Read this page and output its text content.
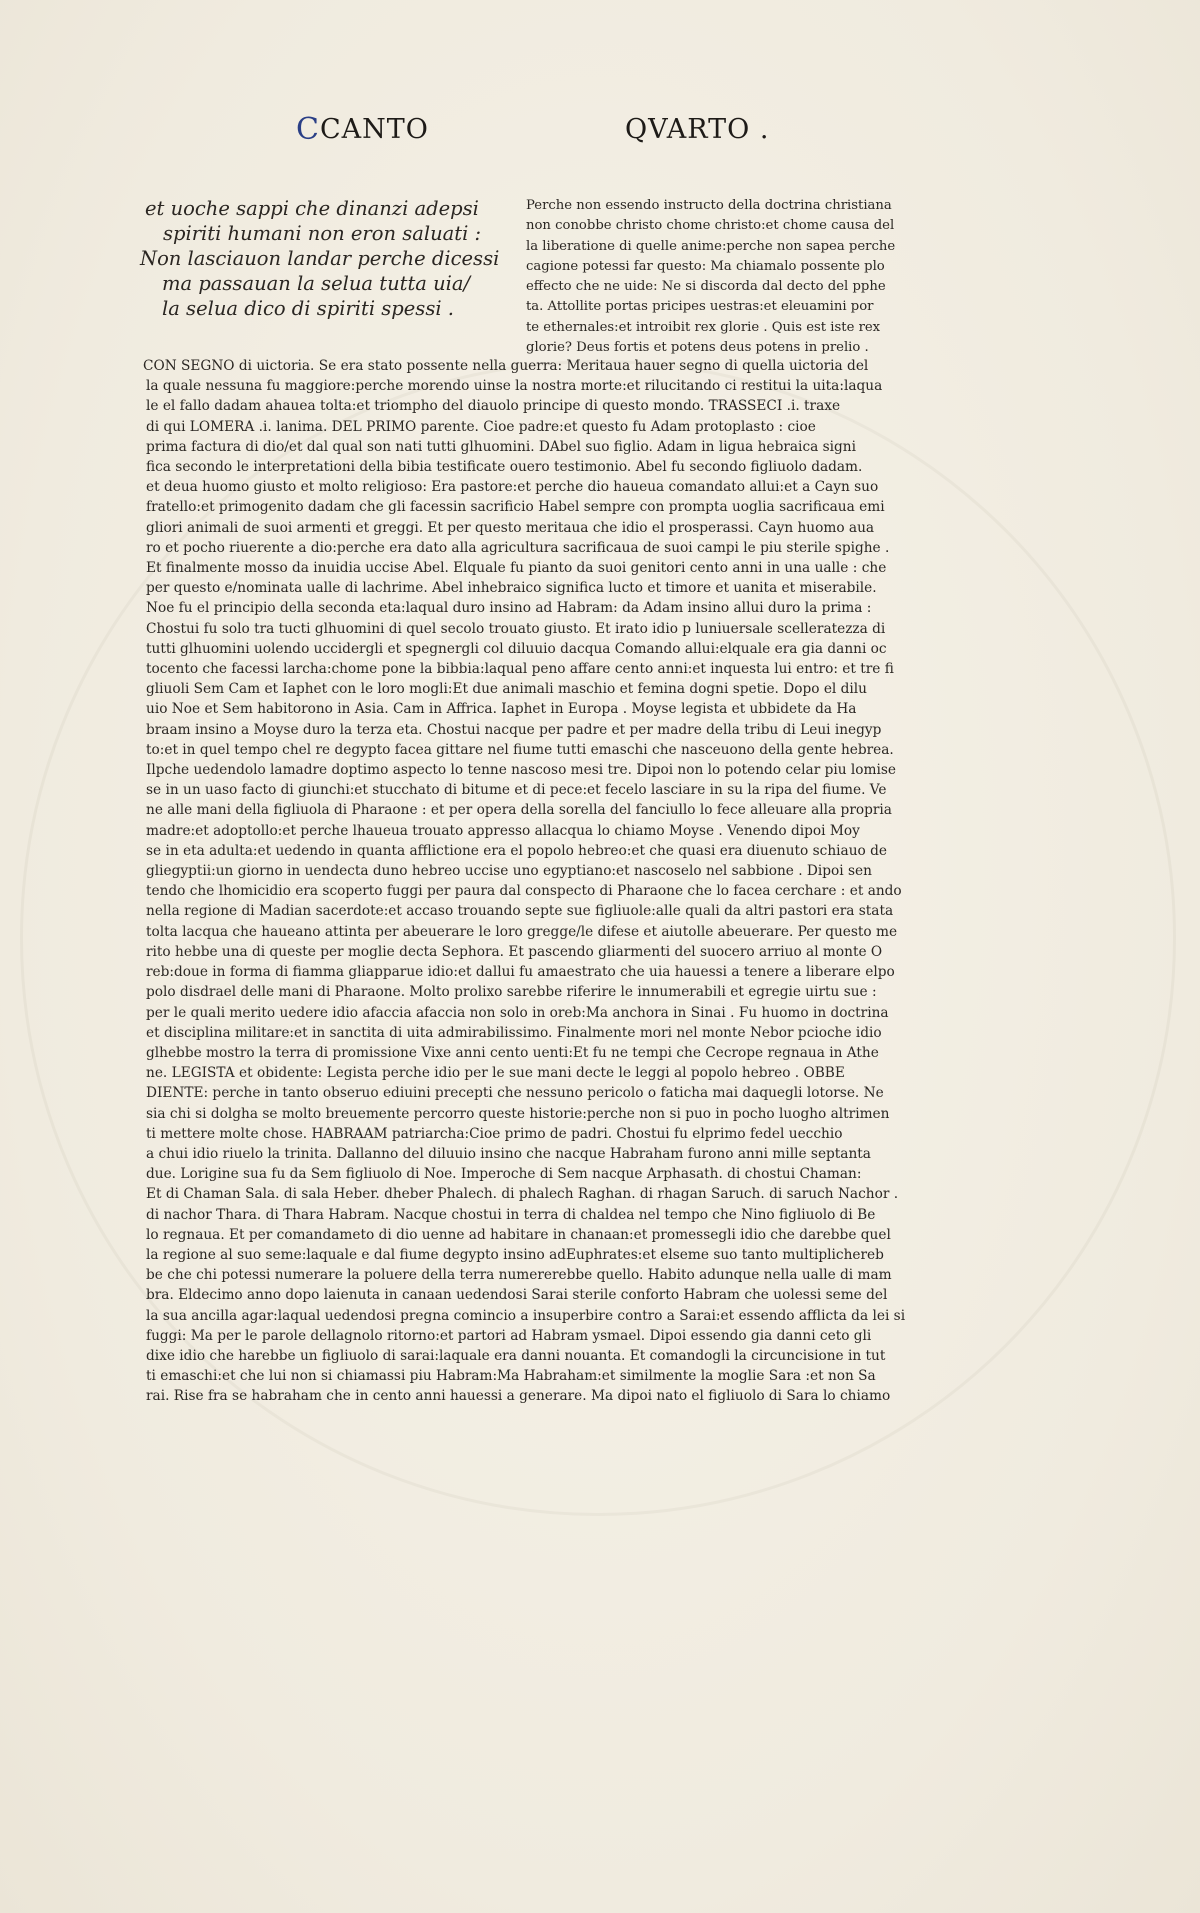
C CANTO	QVARTO .
et uoche sappi che dinanzi adepsi
spiriti humani non eron saluati :
Non lasciauon landar perche dicessi
ma passauan la selua tutta uia/
la selua dico di spiriti spessi .
Perche non essendo instructo della doctrina christiana
non conobbe christo chome christo:et chome causa del
la liberatione di quelle anime:perche non sapea perche
cagione potessi far questo: Ma chiamalo possente plo
effecto che ne uide: Ne si discorda dal decto del pphe
ta. Attollite portas pricipes uestras:et eleuamini por
te ethernales:et introibit rex glorie . Quis est iste rex
glorie? Deus fortis et potens deus potens in prelio .
CON SEGNO di uictoria. Se era stato possente nella guerra: Meritaua hauer segno di quella uictoria del
la quale nessuna fu maggiore:perche morendo uinse la nostra morte:et rilucitando ci restitui la uita:laqua
le el fallo dadam ahauea tolta:et triompho del diauolo principe di questo mondo. TRASSECI .i. traxe
di qui LOMERA .i. lanima. DEL PRIMO parente. Cioe padre:et questo fu Adam protoplasto : cioe
prima factura di dio/et dal qual son nati tutti glhuomini. DAbel suo figlio. Adam in ligua hebraica signi
fica secondo le interpretationi della bibia testificate ouero testimonio. Abel fu secondo figliuolo dadam.
et deua huomo giusto et molto religioso: Era pastore:et perche dio haueua comandato allui:et a Cayn suo
fratello:et primogenito dadam che gli facessin sacrificio Habel sempre con prompta uoglia sacrificaua emi
gliori animali de suoi armenti et greggi. Et per questo meritaua che idio el prosperassi. Cayn huomo aua
ro et pocho riuerente a dio:perche era dato alla agricultura sacrificaua de suoi campi le piu sterile spighe .
Et finalmente mosso da inuidia uccise Abel. Elquale fu pianto da suoi genitori cento anni in una ualle : che
per questo e/nominata ualle di lachrime. Abel inhebraico significa lucto et timore et uanita et miserabile.
Noe fu el principio della seconda eta:laqual duro insino ad Habram: da Adam insino allui duro la prima :
Chostui fu solo tra tucti glhuomini di quel secolo trouato giusto. Et irato idio p luniuersale scelleratezza di
tutti glhuomini uolendo uccidergli et spegnergli col diluuio dacqua Comando allui:elquale era gia danni oc
tocento che facessi larcha:chome pone la bibbia:laqual peno affare cento anni:et inquesta lui entro: et tre fi
gliuoli Sem Cam et Iaphet con le loro mogli:Et due animali maschio et femina dogni spetie. Dopo el dilu
uio Noe et Sem habitorono in Asia. Cam in Affrica. Iaphet in Europa . Moyse legista et ubbidete da Ha
braam insino a Moyse duro la terza eta. Chostui nacque per padre et per madre della tribu di Leui inegyp
to:et in quel tempo chel re degypto facea gittare nel fiume tutti emaschi che nasceuono della gente hebrea.
Ilpche uedendolo lamadre doptimo aspecto lo tenne nascoso mesi tre. Dipoi non lo potendo celar piu lomise
se in un uaso facto di giunchi:et stucchato di bitume et di pece:et fecelo lasciare in su la ripa del fiume. Ve
ne alle mani della figliuola di Pharaone : et per opera della sorella del fanciullo lo fece alleuare alla propria
madre:et adoptollo:et perche lhaueua trouato appresso allacqua lo chiamo Moyse . Venendo dipoi Moy
se in eta adulta:et uedendo in quanta afflictione era el popolo hebreo:et che quasi era diuenuto schiauo de
gliegyptii:un giorno in uendecta duno hebreo uccise uno egyptiano:et nascoselo nel sabbione . Dipoi sen
tendo che lhomicidio era scoperto fuggi per paura dal conspecto di Pharaone che lo facea cerchare : et ando
nella regione di Madian sacerdote:et accaso trouando septe sue figliuole:alle quali da altri pastori era stata
tolta lacqua che haueano attinta per abeuerare le loro gregge/le difese et aiutolle abeuerare. Per questo me
rito hebbe una di queste per moglie decta Sephora. Et pascendo gliarmenti del suocero arriuo al monte O
reb:doue in forma di fiamma gliapparue idio:et dallui fu amaestrato che uia hauessi a tenere a liberare elpo
polo disdrael delle mani di Pharaone. Molto prolixo sarebbe riferire le innumerabili et egregie uirtu sue :
per le quali merito uedere idio afaccia afaccia non solo in oreb:Ma anchora in Sinai . Fu huomo in doctrina
et disciplina militare:et in sanctita di uita admirabilissimo. Finalmente mori nel monte Nebor pcioche idio
glhebbe mostro la terra di promissione Vixe anni cento uenti:Et fu ne tempi che Cecrope regnaua in Athe
ne. LEGISTA et obidente: Legista perche idio per le sue mani decte le leggi al popolo hebreo . OBBE
DIENTE: perche in tanto obseruo ediuini precepti che nessuno pericolo o faticha mai daquegli lotorse. Ne
sia chi si dolgha se molto breuemente percorro queste historie:perche non si puo in pocho luogho altrimen
ti mettere molte chose. HABRAAM patriarcha:Cioe primo de padri. Chostui fu elprimo fedel uecchio
a chui idio riuelo la trinita. Dallanno del diluuio insino che nacque Habraham furono anni mille septanta
due. Lorigine sua fu da Sem figliuolo di Noe. Imperoche di Sem nacque Arphasath. di chostui Chaman:
Et di Chaman Sala. di sala Heber. dheber Phalech. di phalech Raghan. di rhagan Saruch. di saruch Nachor .
di nachor Thara. di Thara Habram. Nacque chostui in terra di chaldea nel tempo che Nino figliuolo di Be
lo regnaua. Et per comandameto di dio uenne ad habitare in chanaan:et promessegli idio che darebbe quel
la regione al suo seme:laquale e dal fiume degypto insino adEuphrates:et elseme suo tanto multiplichereb
be che chi potessi numerare la poluere della terra numererebbe quello. Habito adunque nella ualle di mam
bra. Eldecimo anno dopo laienuta in canaan uedendosi Sarai sterile conforto Habram che uolessi seme del
la sua ancilla agar:laqual uedendosi pregna comincio a insuperbire contro a Sarai:et essendo afflicta da lei si
fuggi: Ma per le parole dellagnolo ritorno:et partori ad Habram ysmael. Dipoi essendo gia danni ceto gli
dixe idio che harebbe un figliuolo di sarai:laquale era danni nouanta. Et comandogli la circuncisione in tut
ti emaschi:et che lui non si chiamassi piu Habram:Ma Habraham:et similmente la moglie Sara :et non Sa
rai. Rise fra se habraham che in cento anni hauessi a generare. Ma dipoi nato el figliuolo di Sara lo chiamo
